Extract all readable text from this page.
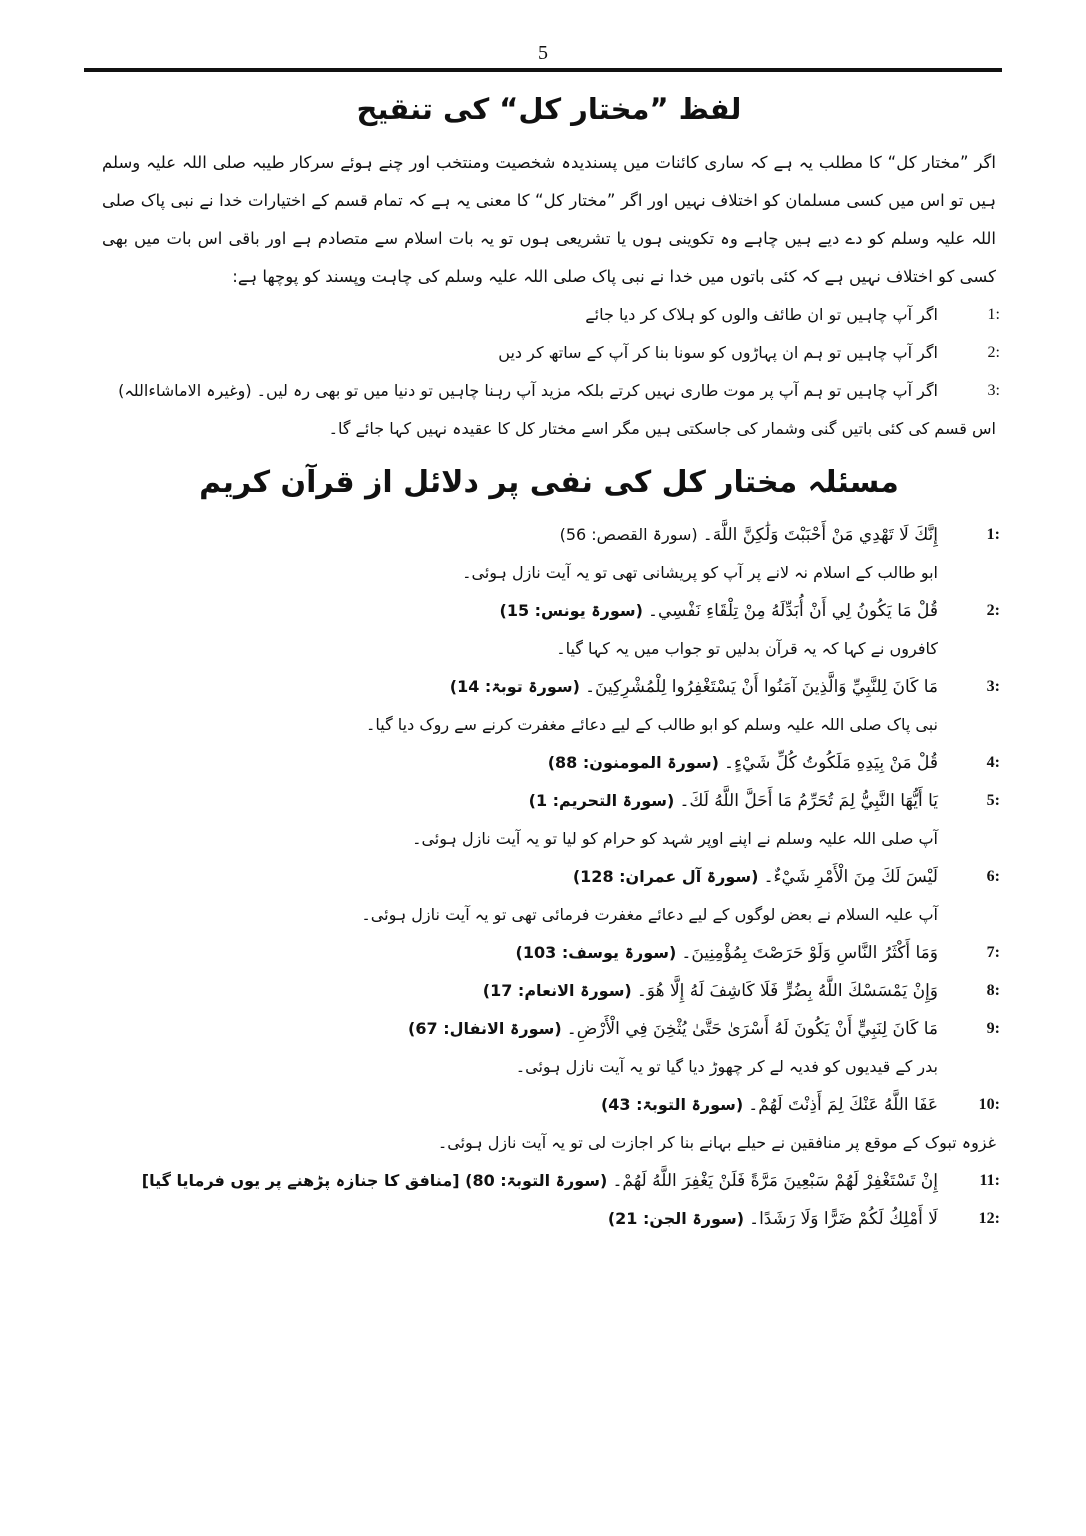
5
لفظ ”مختار کل“ کی تنقیح
اگر ”مختار کل“ کا مطلب یہ ہے کہ ساری کائنات میں پسندیدہ شخصیت ومنتخب اور چنے ہوئے سرکار طیبہ صلی اللہ علیہ وسلم ہیں تو اس میں کسی مسلمان کو اختلاف نہیں اور اگر ”مختار کل“ کا معنی یہ ہے کہ تمام قسم کے اختیارات خدا نے نبی پاک صلی اللہ علیہ وسلم کو دے دیے ہیں چاہے وہ تکوینی ہوں یا تشریعی ہوں تو یہ بات اسلام سے متصادم ہے اور باقی اس بات میں بھی کسی کو اختلاف نہیں ہے کہ کئی باتوں میں خدا نے نبی پاک صلی اللہ علیہ وسلم کی چاہت وپسند کو پوچھا ہے:
1:
اگر آپ چاہیں تو ان طائف والوں کو ہلاک کر دیا جائے
2:
اگر آپ چاہیں تو ہم ان پہاڑوں کو سونا بنا کر آپ کے ساتھ کر دیں
3:
اگر آپ چاہیں تو ہم آپ پر موت طاری نہیں کرتے بلکہ مزید آپ رہنا چاہیں تو دنیا میں تو بھی رہ لیں۔ (وغیرہ الاماشاءاللہ)
اس قسم کی کئی باتیں گنی وشمار کی جاسکتی ہیں مگر اسے مختار کل کا عقیدہ نہیں کہا جائے گا۔
مسئلہ مختار کل کی نفی پر دلائل از قرآن کریم
1:
إِنَّكَ لَا تَهْدِي مَنْ أَحْبَبْتَ وَلَٰكِنَّ اللَّهَ۔ (سورۃ القصص: 56)
ابو طالب کے اسلام نہ لانے پر آپ کو پریشانی تھی تو یہ آیت نازل ہوئی۔
2:
قُلْ مَا يَكُونُ لِي أَنْ أُبَدِّلَهُ مِنْ تِلْقَاءِ نَفْسِي۔ (سورۃ یونس: 15)
کافروں نے کہا کہ یہ قرآن بدلیں تو جواب میں یہ کہا گیا۔
3:
مَا كَانَ لِلنَّبِيِّ وَالَّذِينَ آمَنُوا أَنْ يَسْتَغْفِرُوا لِلْمُشْرِكِينَ۔ (سورۃ توبۃ: 14)
نبی پاک صلی اللہ علیہ وسلم کو ابو طالب کے لیے دعائے مغفرت کرنے سے روک دیا گیا۔
4:
قُلْ مَنْ بِيَدِهِ مَلَكُوتُ كُلِّ شَيْءٍ۔ (سورۃ المومنون: 88)
5:
يَا أَيُّهَا النَّبِيُّ لِمَ تُحَرِّمُ مَا أَحَلَّ اللَّهُ لَكَ۔ (سورۃ التحریم: 1)
آپ صلی اللہ علیہ وسلم نے اپنے اوپر شہد کو حرام کو لیا تو یہ آیت نازل ہوئی۔
6:
لَيْسَ لَكَ مِنَ الْأَمْرِ شَيْءٌ۔ (سورۃ آل عمران: 128)
آپ علیہ السلام نے بعض لوگوں کے لیے دعائے مغفرت فرمائی تھی تو یہ آیت نازل ہوئی۔
7:
وَمَا أَكْثَرُ النَّاسِ وَلَوْ حَرَصْتَ بِمُؤْمِنِينَ۔ (سورۃ یوسف: 103)
8:
وَإِنْ يَمْسَسْكَ اللَّهُ بِضُرٍّ فَلَا كَاشِفَ لَهُ إِلَّا هُوَ۔ (سورۃ الانعام: 17)
9:
مَا كَانَ لِنَبِيٍّ أَنْ يَكُونَ لَهُ أَسْرَىٰ حَتَّىٰ يُثْخِنَ فِي الْأَرْضِ۔ (سورۃ الانفال: 67)
بدر کے قیدیوں کو فدیہ لے کر چھوڑ دیا گیا تو یہ آیت نازل ہوئی۔
10:
عَفَا اللَّهُ عَنْكَ لِمَ أَذِنْتَ لَهُمْ۔ (سورۃ التوبۃ: 43)
غزوہ تبوک کے موقع پر منافقین نے حیلے بہانے بنا کر اجازت لی تو یہ آیت نازل ہوئی۔
11:
إِنْ تَسْتَغْفِرْ لَهُمْ سَبْعِينَ مَرَّةً فَلَنْ يَغْفِرَ اللَّهُ لَهُمْ۔ (سورۃ التوبۃ: 80) [منافق کا جنازہ پڑھنے پر یوں فرمایا گیا]
12:
لَا أَمْلِكُ لَكُمْ ضَرًّا وَلَا رَشَدًا۔ (سورۃ الجن: 21)
